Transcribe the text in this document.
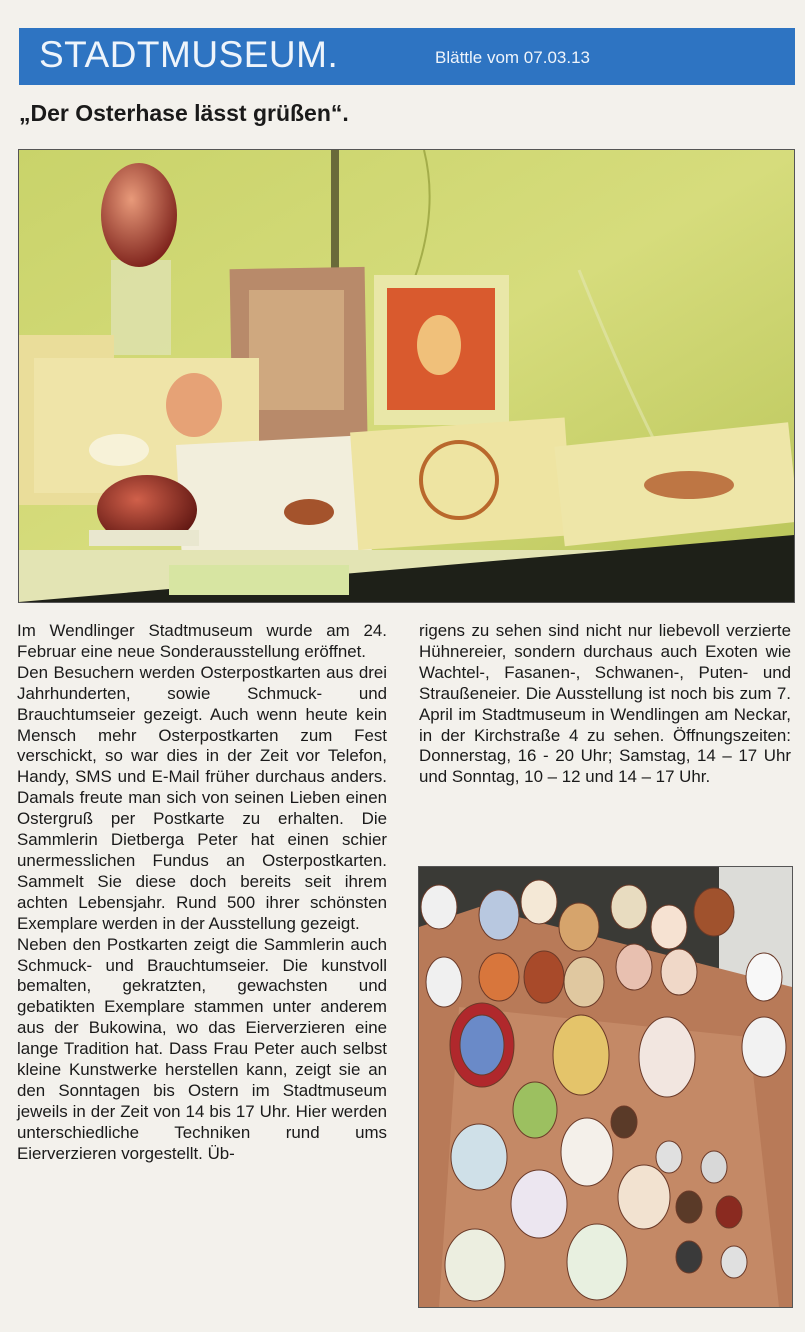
STADTMUSEUM.	Blättle vom 07.03.13
„Der Osterhase lässt grüßen“.

Im Wendlinger Stadtmuseum wurde am 24. Februar eine neue Sonderausstellung eröffnet.

Den Besuchern werden Osterpostkarten aus drei Jahrhunderten, sowie Schmuck- und Brauchtumseier gezeigt. Auch wenn heute kein Mensch mehr Osterpostkarten zum Fest verschickt, so war dies in der Zeit vor Telefon, Handy, SMS und E-Mail früher durchaus anders. Damals freute man sich von seinen Lieben einen Ostergruß per Postkarte zu erhalten. Die Sammlerin Dietberga Peter hat einen schier unermesslichen Fundus an Osterpostkarten. Sammelt Sie diese doch bereits seit ihrem achten Lebensjahr. Rund 500 ihrer schönsten Exemplare werden in der Ausstellung gezeigt.

Neben den Postkarten zeigt die Sammlerin auch Schmuck- und Brauchtumseier. Die kunstvoll bemalten, gekratzten, gewachsten und gebatikten Exemplare stammen unter anderem aus der Bukowina, wo das Eierverzieren eine lange Tradition hat. Dass Frau Peter auch selbst kleine Kunstwerke herstellen kann, zeigt sie an den Sonntagen bis Ostern im Stadtmuseum jeweils in der Zeit von 14 bis 17 Uhr. Hier werden unterschiedliche Techniken rund ums Eierverzieren vorgestellt. Üb-

rigens zu sehen sind nicht nur liebevoll verzierte Hühnereier, sondern durchaus auch Exoten wie Wachtel-, Fasanen-, Schwanen-, Puten- und Straußeneier. Die Ausstellung ist noch bis zum 7. April im Stadtmuseum in Wendlingen am Neckar, in der Kirchstraße 4 zu sehen. Öffnungszeiten: Donnerstag, 16 - 20 Uhr; Samstag, 14 – 17 Uhr und Sonntag, 10 – 12 und 14 – 17 Uhr.
